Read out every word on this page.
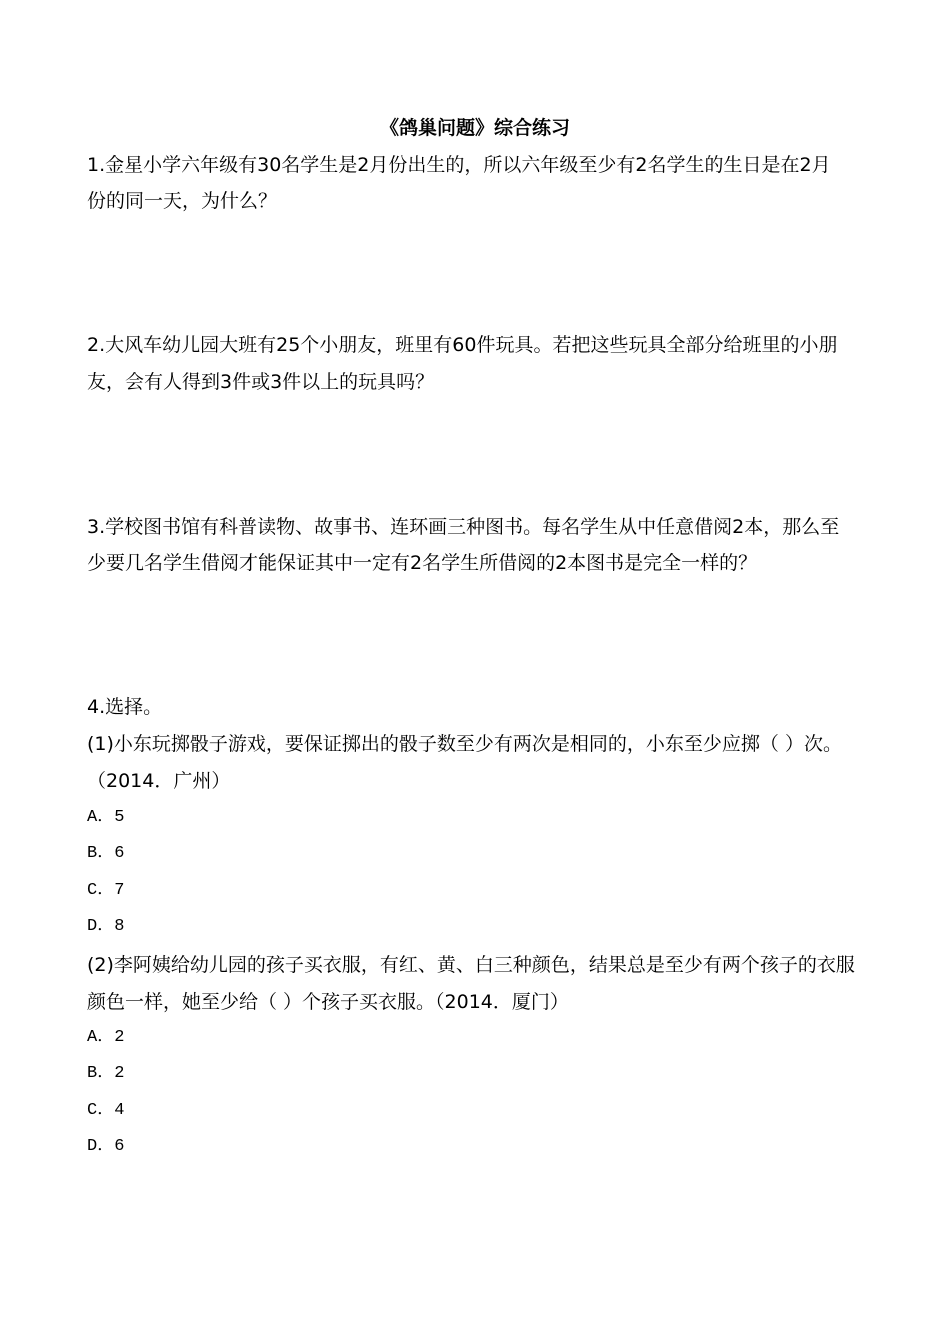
《鸽巢问题》综合练习
1.金星小学六年级有30名学生是2月份出生的，所以六年级至少有2名学生的生日是在2月
份的同一天，为什么？
2.大风车幼儿园大班有25个小朋友，班里有60件玩具。若把这些玩具全部分给班里的小朋
友，会有人得到3件或3件以上的玩具吗？
3.学校图书馆有科普读物、故事书、连环画三种图书。每名学生从中任意借阅2本，那么至
少要几名学生借阅才能保证其中一定有2名学生所借阅的2本图书是完全一样的？
4.选择。
(1)小东玩掷骰子游戏，要保证掷出的骰子数至少有两次是相同的，小东至少应掷（ ）次。
（2014．广州）
A．5
B．6
C．7
D．8
(2)李阿姨给幼儿园的孩子买衣服，有红、黄、白三种颜色，结果总是至少有两个孩子的衣服
颜色一样，她至少给（ ）个孩子买衣服。（2014．厦门）
A．2
B．2
C．4
D．6
